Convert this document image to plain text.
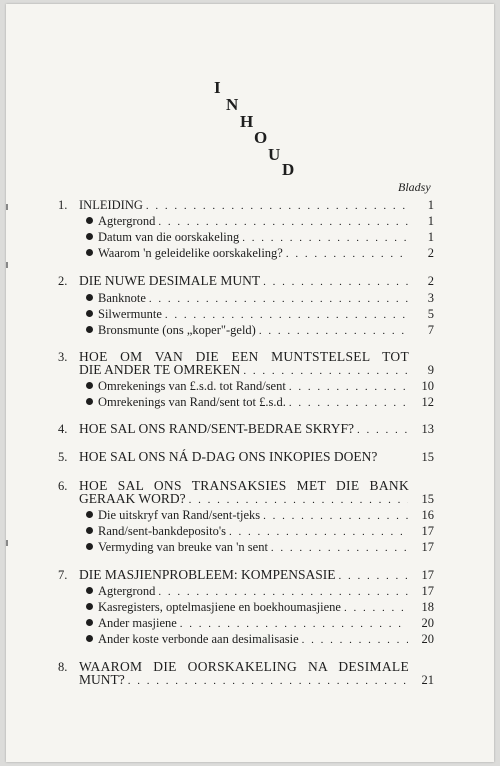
I
N
H
O
U
D
Bladsy
1. INLEIDING . . .	1
Agtergrond . . .	1
Datum van die oorskakeling . . .	1
Waarom 'n geleidelike oorskakeling? . . .	2
2. DIE NUWE DESIMALE MUNT . . .	2
Banknote . . .	3
Silwermunte . . .	5
Bronsmunte (ons „koper"-geld) . . .	7
3. HOE OM VAN DIE EEN MUNTSTELSEL TOT
DIE ANDER TE OMREKEN . . .	9
Omrekenings van £.s.d. tot Rand/sent . . .	10
Omrekenings van Rand/sent tot £.s.d. . . .	12
4. HOE SAL ONS RAND/SENT-BEDRAE SKRYF? . . .	13
5. HOE SAL ONS NÁ D-DAG ONS INKOPIES DOEN?	15
6. HOE SAL ONS TRANSAKSIES MET DIE BANK
GERAAK WORD? . . .	15
Die uitskryf van Rand/sent-tjeks . . .	16
Rand/sent-bankdeposito's . . .	17
Vermyding van breuke van 'n sent . . .	17
7. DIE MASJIENPROBLEEM: KOMPENSASIE . . .	17
Agtergrond . . .	17
Kasregisters, optelmasjiene en boekhoumasjiene . . .	18
Ander masjiene . . .	20
Ander koste verbonde aan desimalisasie . . .	20
8. WAAROM DIE OORSKAKELING NA DESIMALE
MUNT? . . .	21
